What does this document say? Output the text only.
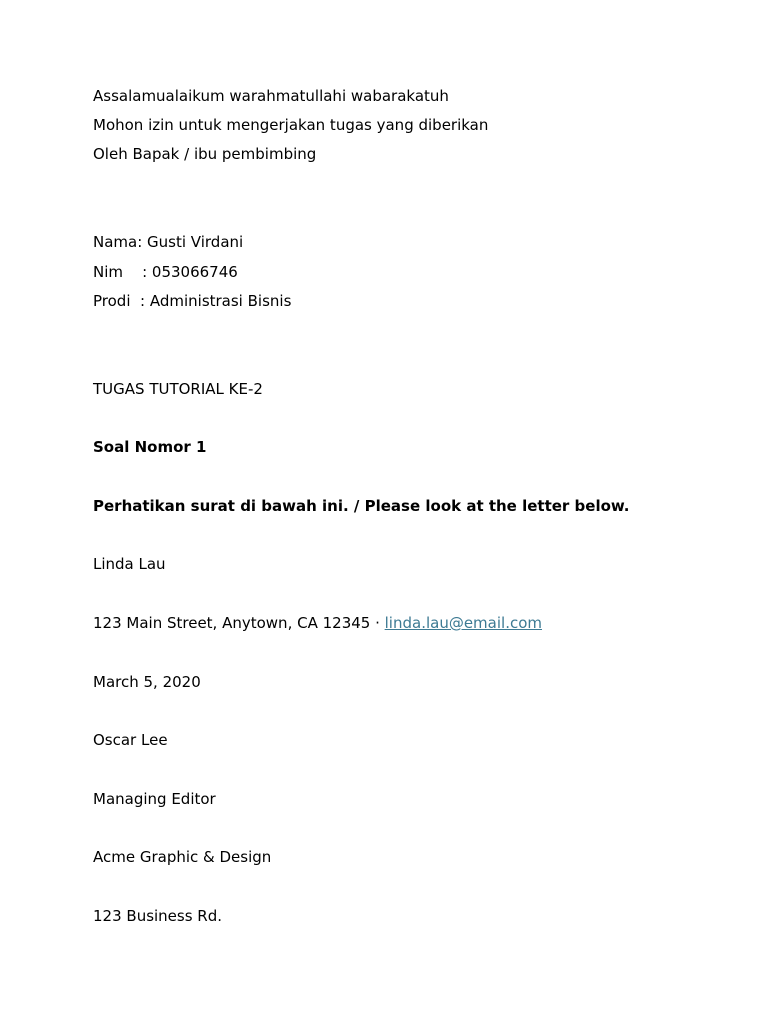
Assalamualaikum warahmatullahi wabarakatuh
Mohon izin untuk mengerjakan tugas yang diberikan
Oleh Bapak / ibu pembimbing
Nama: Gusti Virdani
Nim    : 053066746
Prodi  : Administrasi Bisnis
TUGAS TUTORIAL KE-2
Soal Nomor 1
Perhatikan surat di bawah ini. / Please look at the letter below.
Linda Lau
123 Main Street, Anytown, CA 12345 · linda.lau@email.com
March 5, 2020
Oscar Lee
Managing Editor
Acme Graphic & Design
123 Business Rd.
